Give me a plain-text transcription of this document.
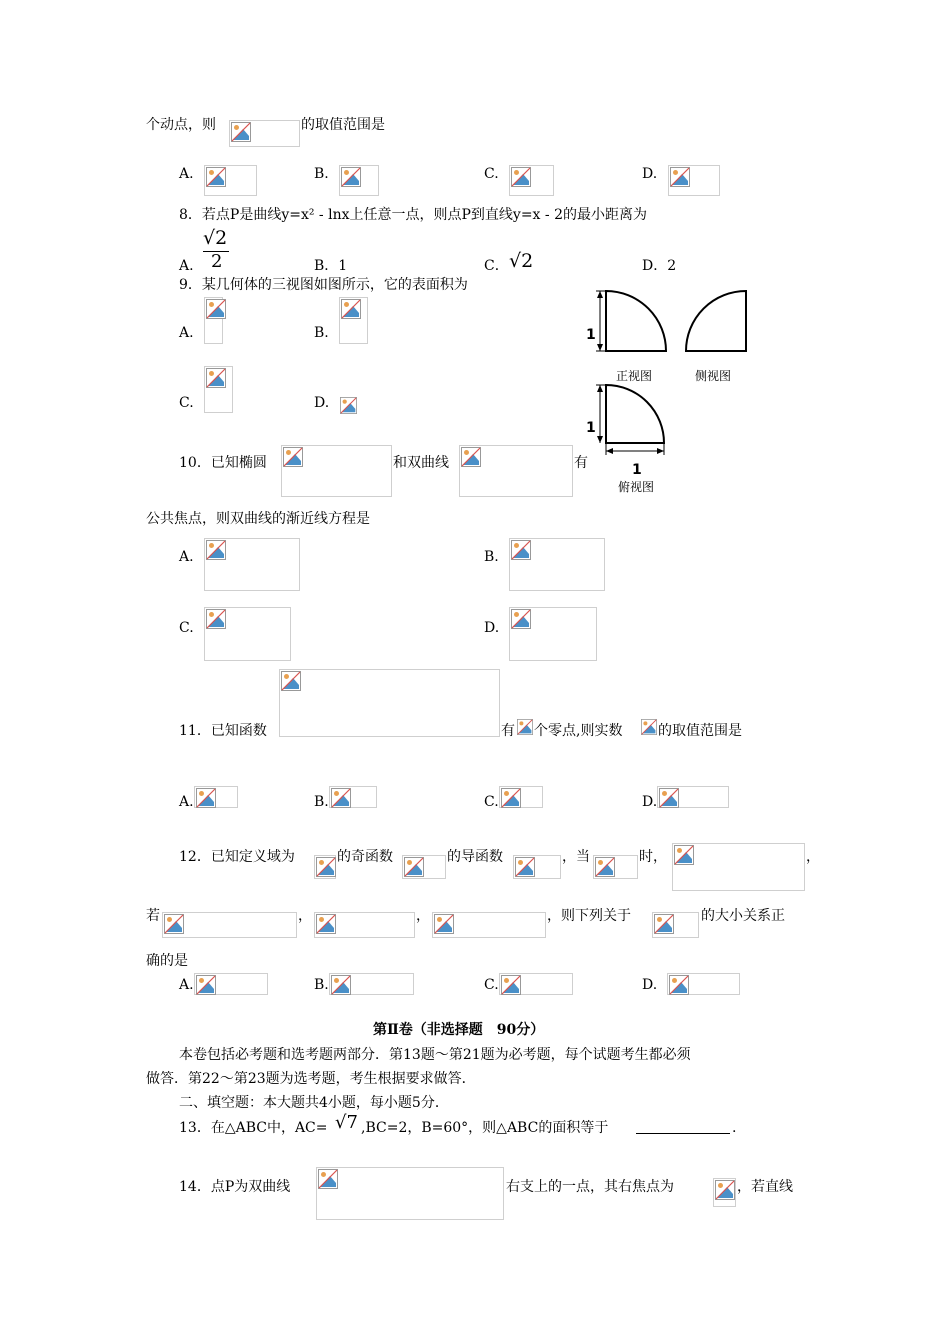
个动点，则	的取值范围是
A.	B.	C.	D.
8．若点P是曲线y=x² - lnx上任意一点，则点P到直线y=x - 2的最小距离为
A.
√2
2	B．1	C． √2	D．2
9．某几何体的三视图如图所示，它的表面积为
A.	B.
C.	D.
1
1
1
正视图	侧视图
俯视图
10．已知椭圆	和双曲线	有
公共焦点，则双曲线的渐近线方程是
A.	B.
C.	D.
11．已知函数	有 个零点,则实数	的取值范围是
A.	B.	C.	D.
12．已知定义域为	的奇函数	的导函数	，当	时，	，
若	，	，	，则下列关于	的大小关系正
确的是
A.	B.	C.	D.
第Ⅱ卷（非选择题　90分）
本卷包括必考题和选考题两部分．第13题～第21题为必考题，每个试题考生都必须
做答．第22～第23题为选考题，考生根据要求做答．
二、填空题：本大题共4小题，每小题5分．
13．在△ABC中，AC= √7 ,BC=2，B=60°，则△ABC的面积等于	.
14．点P为双曲线	右支上的一点，其右焦点为	，若直线
